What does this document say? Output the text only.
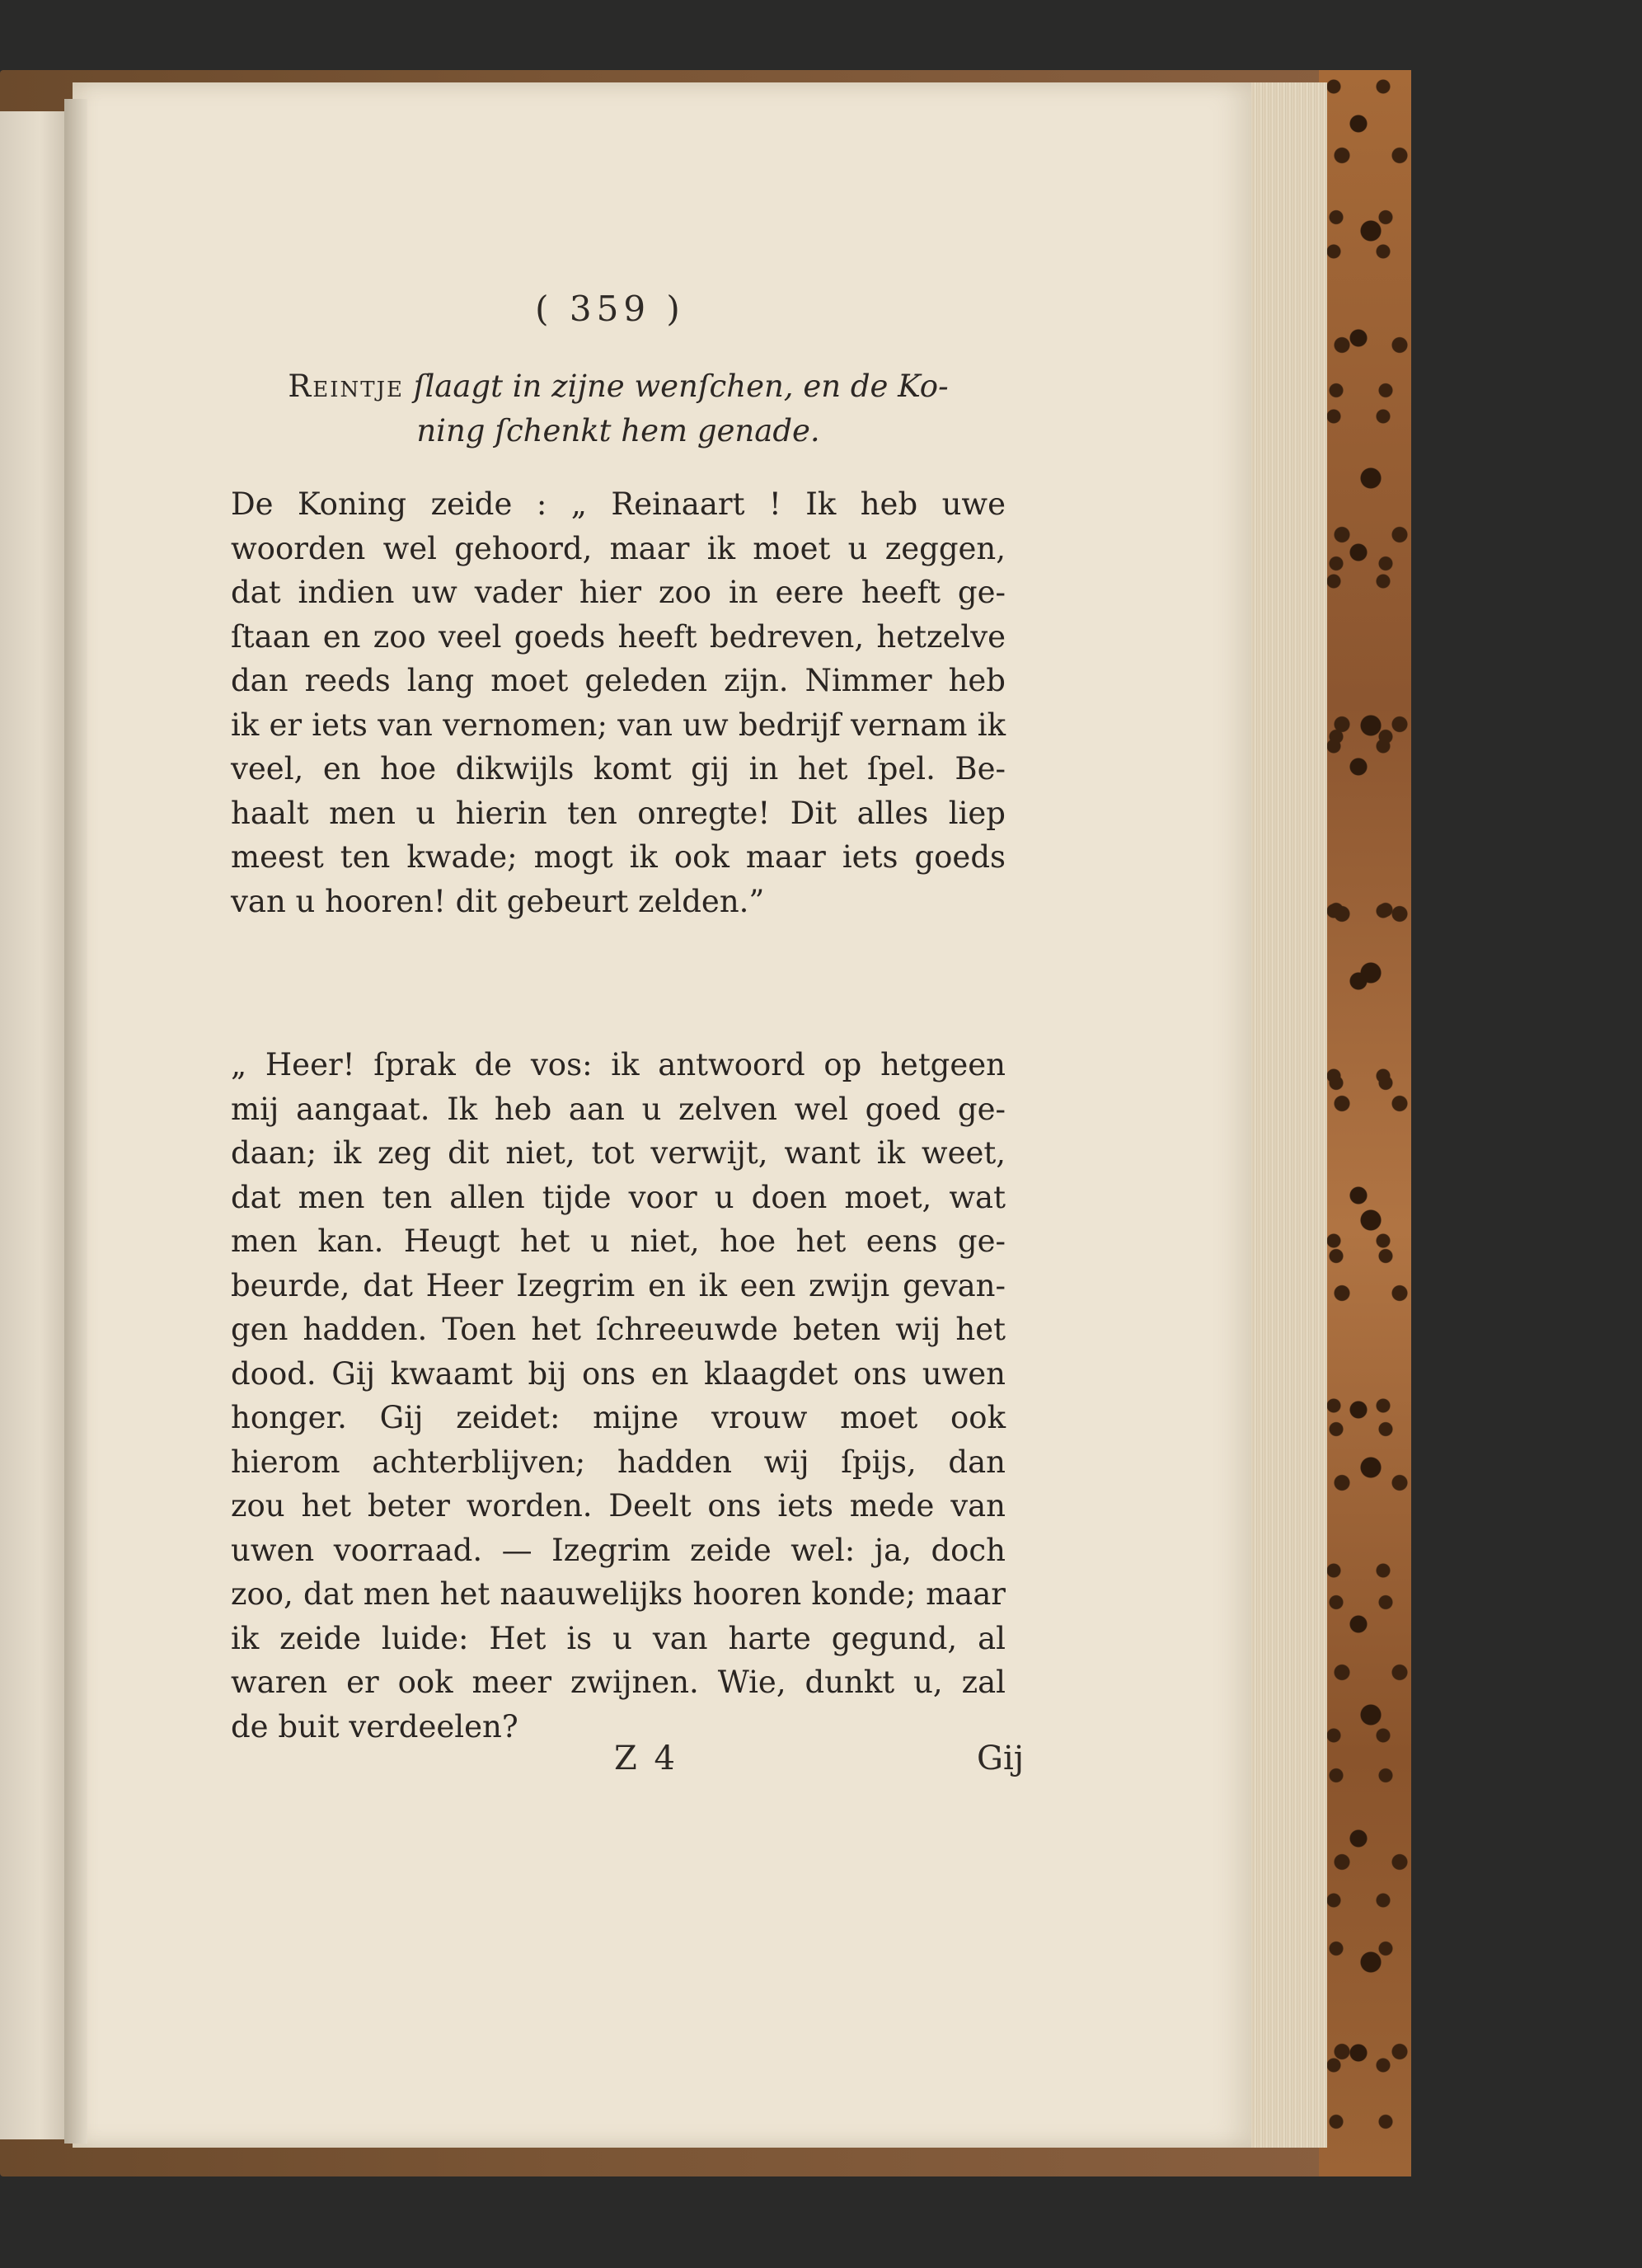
( 359 )
Reintje ſlaagt in zijne wenſchen, en de Ko-
ning ſchenkt hem genade.
De Koning zeide : „ Reinaart ! Ik heb uwe
woorden wel gehoord, maar ik moet u zeggen,
dat indien uw vader hier zoo in eere heeft ge-
ſtaan en zoo veel goeds heeft bedreven, hetzelve
dan reeds lang moet geleden zijn. Nimmer heb
ik er iets van vernomen; van uw bedrijf vernam ik
veel, en hoe dikwijls komt gij in het ſpel. Be-
haalt men u hierin ten onregte! Dit alles liep
meest ten kwade; mogt ik ook maar iets goeds
van u hooren! dit gebeurt zelden.”
„ Heer! ſprak de vos: ik antwoord op hetgeen
mij aangaat. Ik heb aan u zelven wel goed ge-
daan; ik zeg dit niet, tot verwijt, want ik weet,
dat men ten allen tijde voor u doen moet, wat
men kan. Heugt het u niet, hoe het eens ge-
beurde, dat Heer Izegrim en ik een zwijn gevan-
gen hadden. Toen het ſchreeuwde beten wij het
dood. Gij kwaamt bij ons en klaagdet ons uwen
honger. Gij zeidet: mijne vrouw moet ook
hierom achterblijven; hadden wij ſpijs, dan
zou het beter worden. Deelt ons iets mede van
uwen voorraad. — Izegrim zeide wel: ja, doch
zoo, dat men het naauwelijks hooren konde; maar
ik zeide luide: Het is u van harte gegund, al
waren er ook meer zwijnen. Wie, dunkt u, zal
de buit verdeelen?
Z 4	Gij
